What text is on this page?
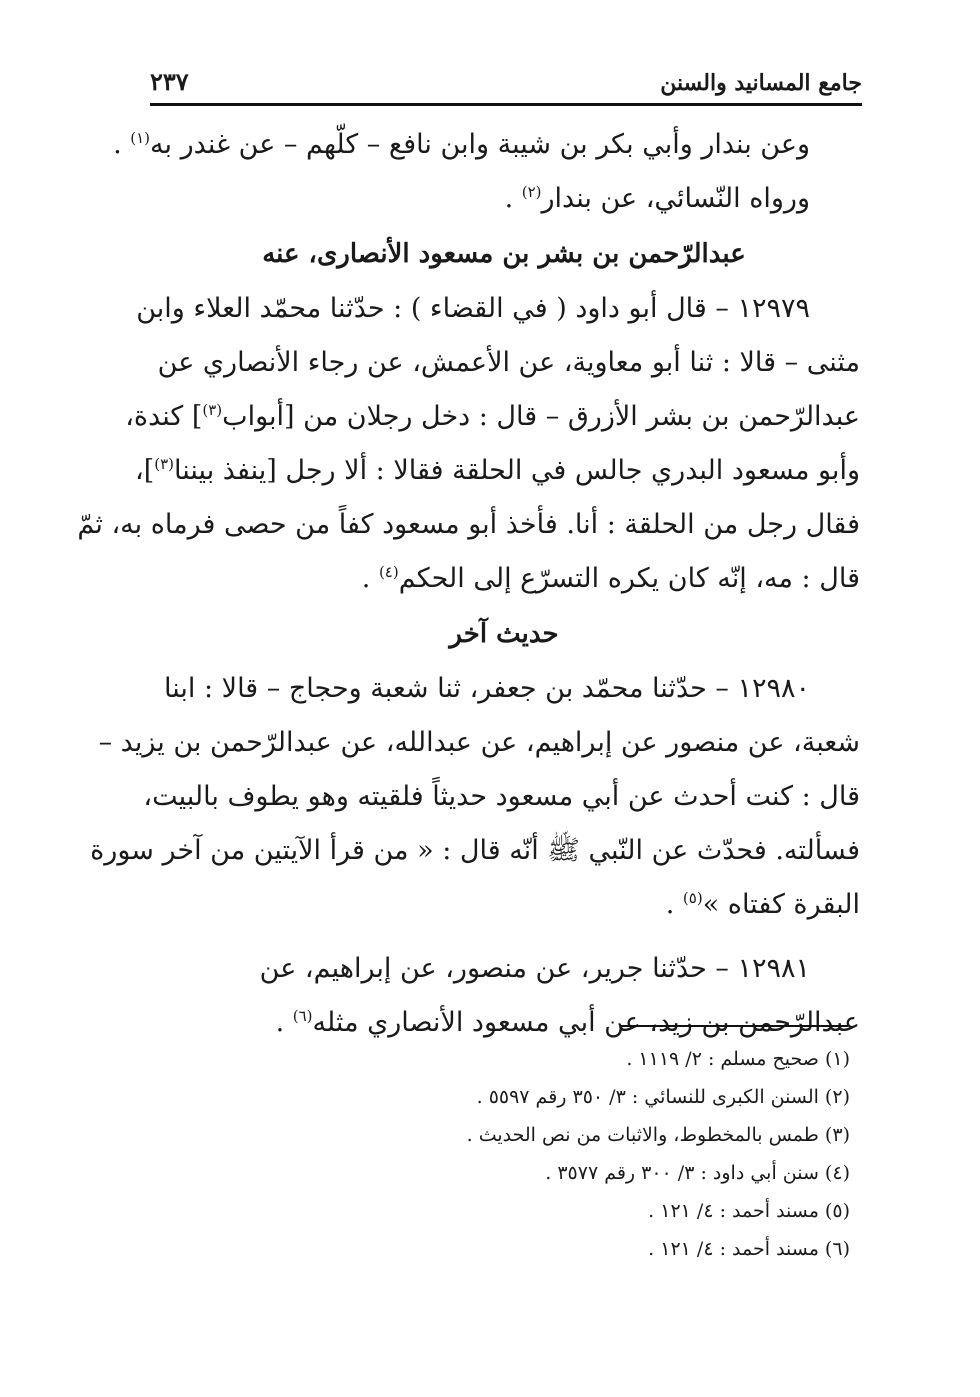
جامع المسانيد والسنن
٢٣٧
وعن بندار وأبي بكر بن شيبة وابن نافع – كلّهم – عن غندر به$^{(١)}$ .
ورواه النّسائي، عن بندار$^{(٢)}$ .
عبدالرّحمن بن بشر بن مسعود الأنصارى، عنه
١٢٩٧٩ – قال أبو داود ( في القضاء ) : حدّثنا محمّد العلاء وابن
مثنى – قالا : ثنا أبو معاوية، عن الأعمش، عن رجاء الأنصاري عن
عبدالرّحمن بن بشر الأزرق – قال : دخل رجلان من [أبواب$^{(٣)}$] كندة،
وأبو مسعود البدري جالس في الحلقة فقالا : ألا رجل [ينفذ بيننا$^{(٣)}$]،
فقال رجل من الحلقة : أنا. فأخذ أبو مسعود كفاً من حصى فرماه به، ثمّ
قال : مه، إنّه كان يكره التسرّع إلى الحكم$^{(٤)}$ .
حديث آخر
١٢٩٨٠ – حدّثنا محمّد بن جعفر، ثنا شعبة وحجاج – قالا : ابنا
شعبة، عن منصور عن إبراهيم، عن عبدالله، عن عبدالرّحمن بن يزيد –
قال : كنت أحدث عن أبي مسعود حديثاً فلقيته وهو يطوف بالبيت،
فسألته. فحدّث عن النّبي ﷺ أنّه قال : « من قرأ الآيتين من آخر سورة
البقرة كفتاه »$^{(٥)}$ .
١٢٩٨١ – حدّثنا جرير، عن منصور، عن إبراهيم، عن
عبدالرّحمن بن زيد، عن أبي مسعود الأنصاري مثله$^{(٦)}$ .
(١) صحيح مسلم : ٢/ ١١١٩ .
(٢) السنن الكبرى للنسائي : ٣/ ٣٥٠ رقم ٥٥٩٧ .
(٣) طمس بالمخطوط، والاثبات من نص الحديث .
(٤) سنن أبي داود : ٣/ ٣٠٠ رقم ٣٥٧٧ .
(٥) مسند أحمد : ٤/ ١٢١ .
(٦) مسند أحمد : ٤/ ١٢١ .
